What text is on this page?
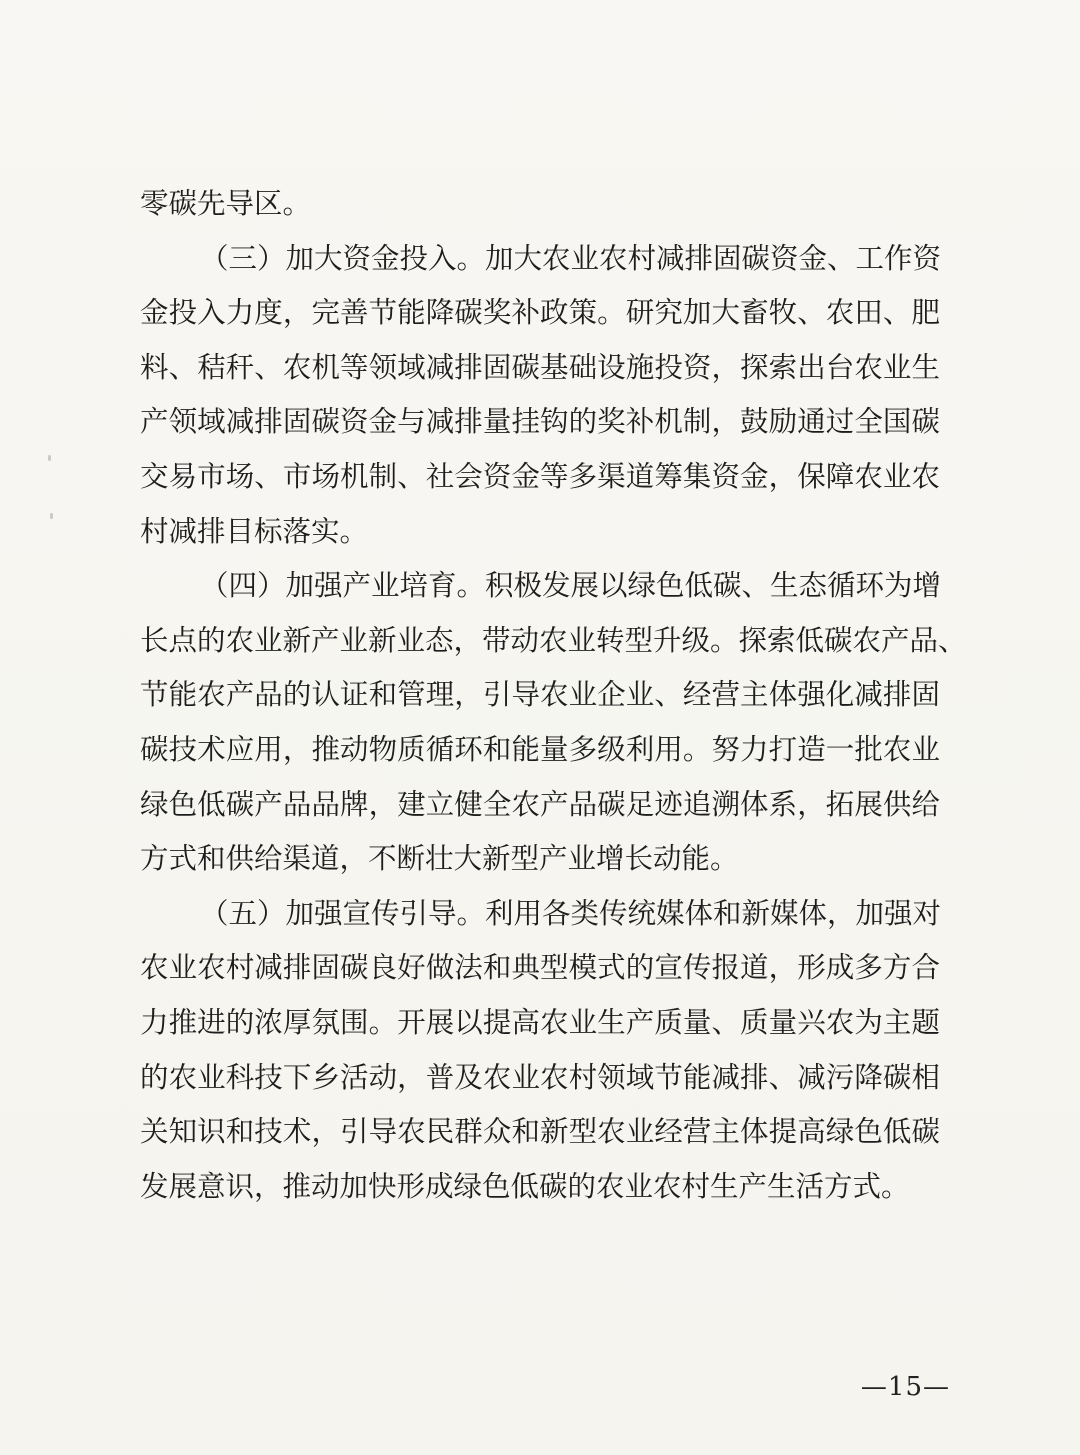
零碳先导区。
（三）加大资金投入。加大农业农村减排固碳资金、工作资
金投入力度，完善节能降碳奖补政策。研究加大畜牧、农田、肥
料、秸秆、农机等领域减排固碳基础设施投资，探索出台农业生
产领域减排固碳资金与减排量挂钩的奖补机制，鼓励通过全国碳
交易市场、市场机制、社会资金等多渠道筹集资金，保障农业农
村减排目标落实。
（四）加强产业培育。积极发展以绿色低碳、生态循环为增
长点的农业新产业新业态，带动农业转型升级。探索低碳农产品、
节能农产品的认证和管理，引导农业企业、经营主体强化减排固
碳技术应用，推动物质循环和能量多级利用。努力打造一批农业
绿色低碳产品品牌，建立健全农产品碳足迹追溯体系，拓展供给
方式和供给渠道，不断壮大新型产业增长动能。
（五）加强宣传引导。利用各类传统媒体和新媒体，加强对
农业农村减排固碳良好做法和典型模式的宣传报道，形成多方合
力推进的浓厚氛围。开展以提高农业生产质量、质量兴农为主题
的农业科技下乡活动，普及农业农村领域节能减排、减污降碳相
关知识和技术，引导农民群众和新型农业经营主体提高绿色低碳
发展意识，推动加快形成绿色低碳的农业农村生产生活方式。
—15—
